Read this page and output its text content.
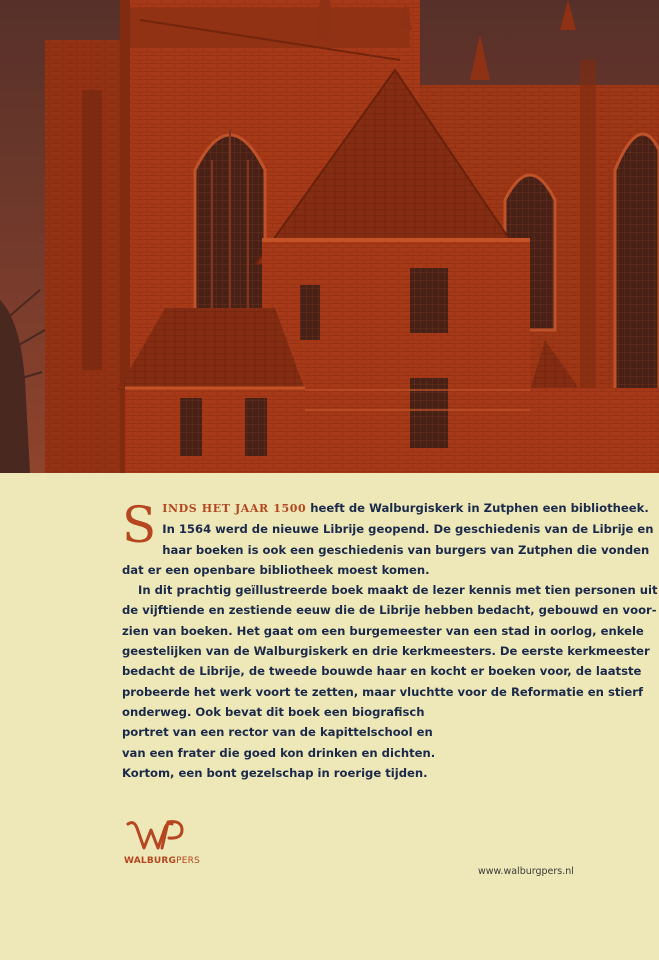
S INDS HET JAAR 1500 heeft de Walburgiskerk in Zutphen een bibliotheek.
In 1564 werd de nieuwe Librije geopend. De geschiedenis van de Librije en
haar boeken is ook een geschiedenis van burgers van Zutphen die vonden
dat er een openbare bibliotheek moest komen.

In dit prachtig geïllustreerde boek maakt de lezer kennis met tien personen uit
de vijftiende en zestiende eeuw die de Librije hebben bedacht, gebouwd en voor-
zien van boeken. Het gaat om een burgemeester van een stad in oorlog, enkele
geestelijken van de Walburgiskerk en drie kerkmeesters. De eerste kerkmeester
bedacht de Librije, de tweede bouwde haar en kocht er boeken voor, de laatste
probeerde het werk voort te zetten, maar vluchtte voor de Reformatie en stierf
onderweg. Ook bevat dit boek een biografisch
portret van een rector van de kapittelschool en
van een frater die goed kon drinken en dichten.
Kortom, een bont gezelschap in roerige tijden.

WALBURGPERS
www.walburgpers.nl
